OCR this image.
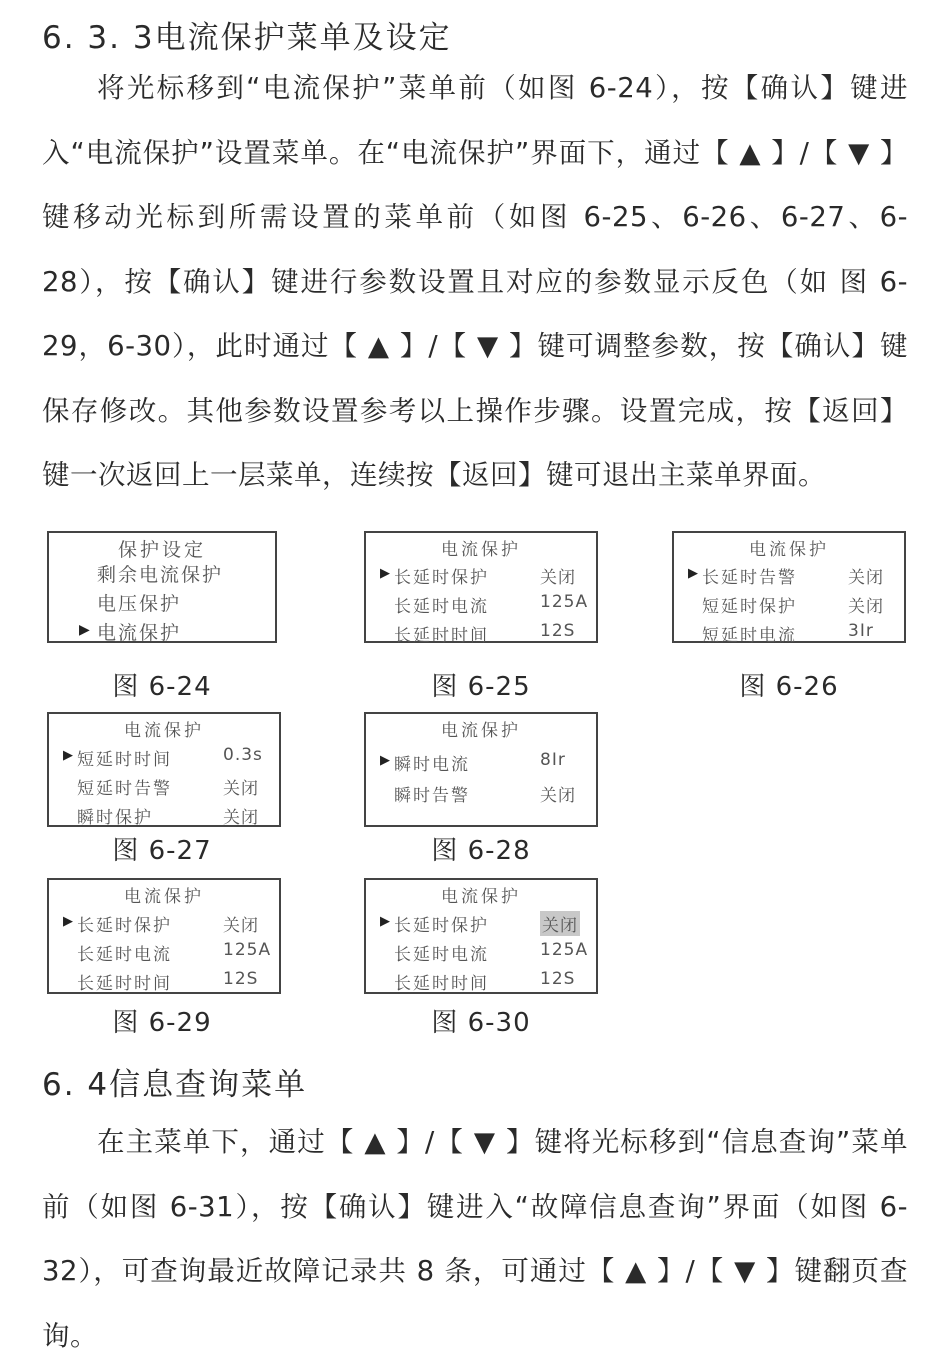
6. 3. 3电流保护菜单及设定

将光标移到“电流保护”菜单前（如图 6-24），按【确认】键进入“电流保护”设置菜单。在“电流保护”界面下，通过【 ▲ 】/【 ▼ 】键移动光标到所需设置的菜单前（如图 6-25、6-26、6-27、6-28），按【确认】键进行参数设置且对应的参数显示反色（如 图 6-29，6-30），此时通过【 ▲ 】/【 ▼ 】键可调整参数，按【确认】键保存修改。其他参数设置参考以上操作步骤。设置完成，按【返回】键一次返回上一层菜单，连续按【返回】键可退出主菜单界面。

保护设定
剩余电流保护
电压保护
▶ 电流保护
图 6-24
电流保护
▶ 长延时保护	关闭
长延时电流	125A
长延时时间	12S
图 6-25
电流保护
▶ 长延时告警	关闭
短延时保护	关闭
短延时电流	3Ir
图 6-26
电流保护
▶ 短延时时间	0.3s
短延时告警	关闭
瞬时保护	关闭
图 6-27
电流保护
▶ 瞬时电流	8Ir
瞬时告警	关闭
图 6-28
电流保护
▶ 长延时保护	关闭
长延时电流	125A
长延时时间	12S
图 6-29
电流保护
▶ 长延时保护	关闭
长延时电流	125A
长延时时间	12S
图 6-30
6. 4信息查询菜单

在主菜单下，通过【 ▲ 】/【 ▼ 】键将光标移到“信息查询”菜单前（如图 6-31），按【确认】键进入“故障信息查询”界面（如图 6-32），可查询最近故障记录共 8 条，可通过【 ▲ 】/【 ▼ 】键翻页查询。
